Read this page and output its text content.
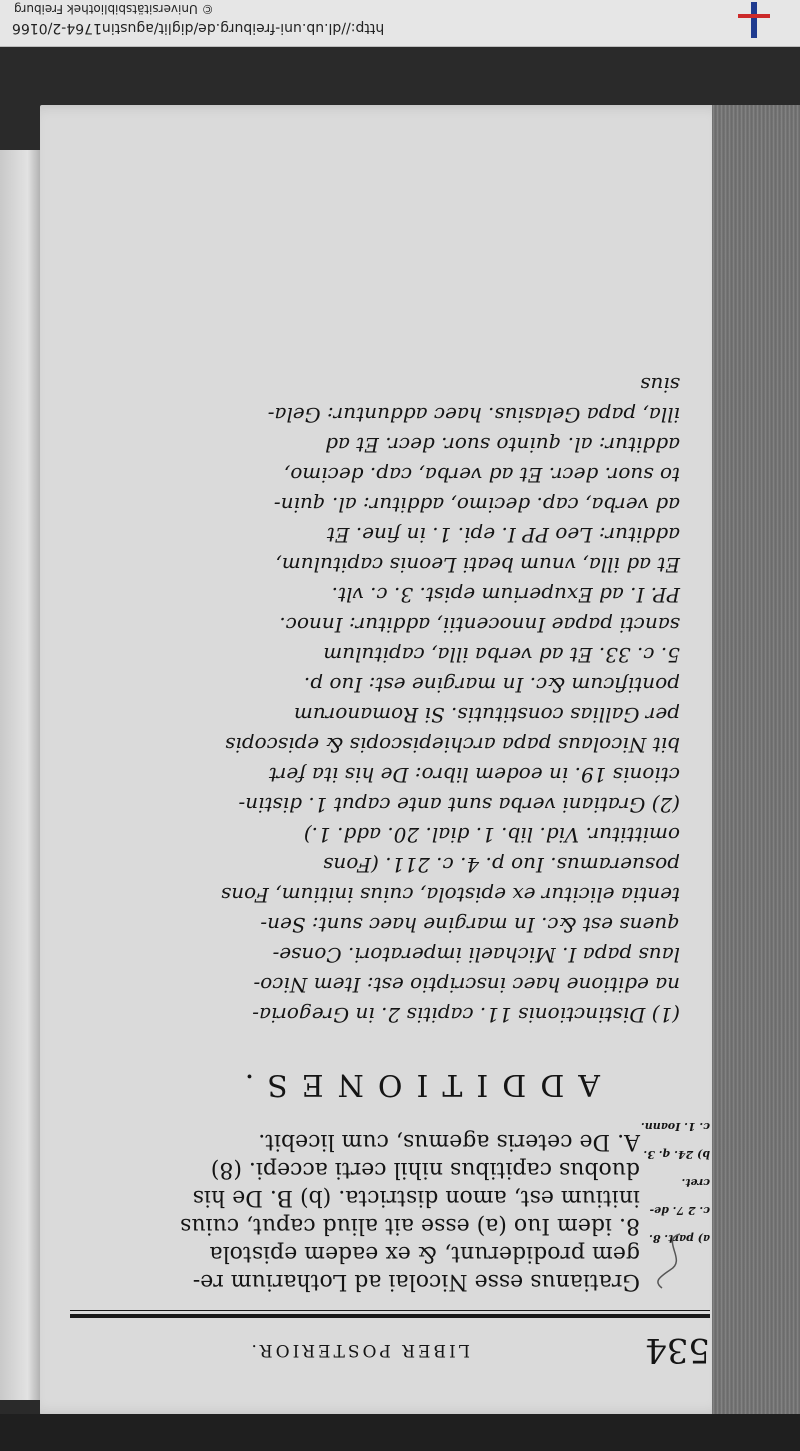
© Universitätsbibliothek Freiburg
http://dl.ub.uni-freiburg.de/diglit/agustin1764-2/0166
534
LIBER POSTERIOR.
a) part. 8.
c. 2 7. de-
cret.
b) 24. q. 3.
c. 1. Ioann.
Gratianus esse Nicolai ad Lotharium re-
gem prodiderunt, & ex eadem epistola
8. idem Iuo (a) esse ait aliud caput, cuius
initium est, amon districta. (b) B. De his
duobus capitibus nihil certi accepi. (8)
A. De ceteris agemus, cum licebit.
ADDITIONES.
(1) Distinctionis 11. capitis 2. in Gregoria-
na editione haec inscriptio est: Item Nico-
laus papa I. Michaeli imperatori. Conse-
quens est &c. In margine haec sunt: Sen-
tentia elicitur ex epistola, cuius initium, Fons
posueramus. Iuo p. 4. c. 211. (Fons
omittitur. Vid. lib. 1. dial. 20. add. 1.)
(2) Gratiani verba sunt ante caput 1. distin-
ctionis 19. in eodem libro: De his ita fert
bit Nicolaus papa archiepiscopis & episcopis
per Gallias constitutis. Si Romanorum
pontificum &c. In margine est: Iuo p.
5. c. 33. Et ad verba illa, capitulum
sancti papae Innocentii, additur: Innoc.
PP. I. ad Exuperium epist. 3. c. vlt.
Et ad illa, vnum beati Leonis capitulum,
additur: Leo PP I. epi. 1. in fine. Et
ad verba, cap. decimo, additur: al. quin-
to suor. decr. Et ad verba, cap. decimo,
additur: al. quinto suor. decr. Et ad
illa, papa Gelasius. haec adduntur: Gela-
sius
